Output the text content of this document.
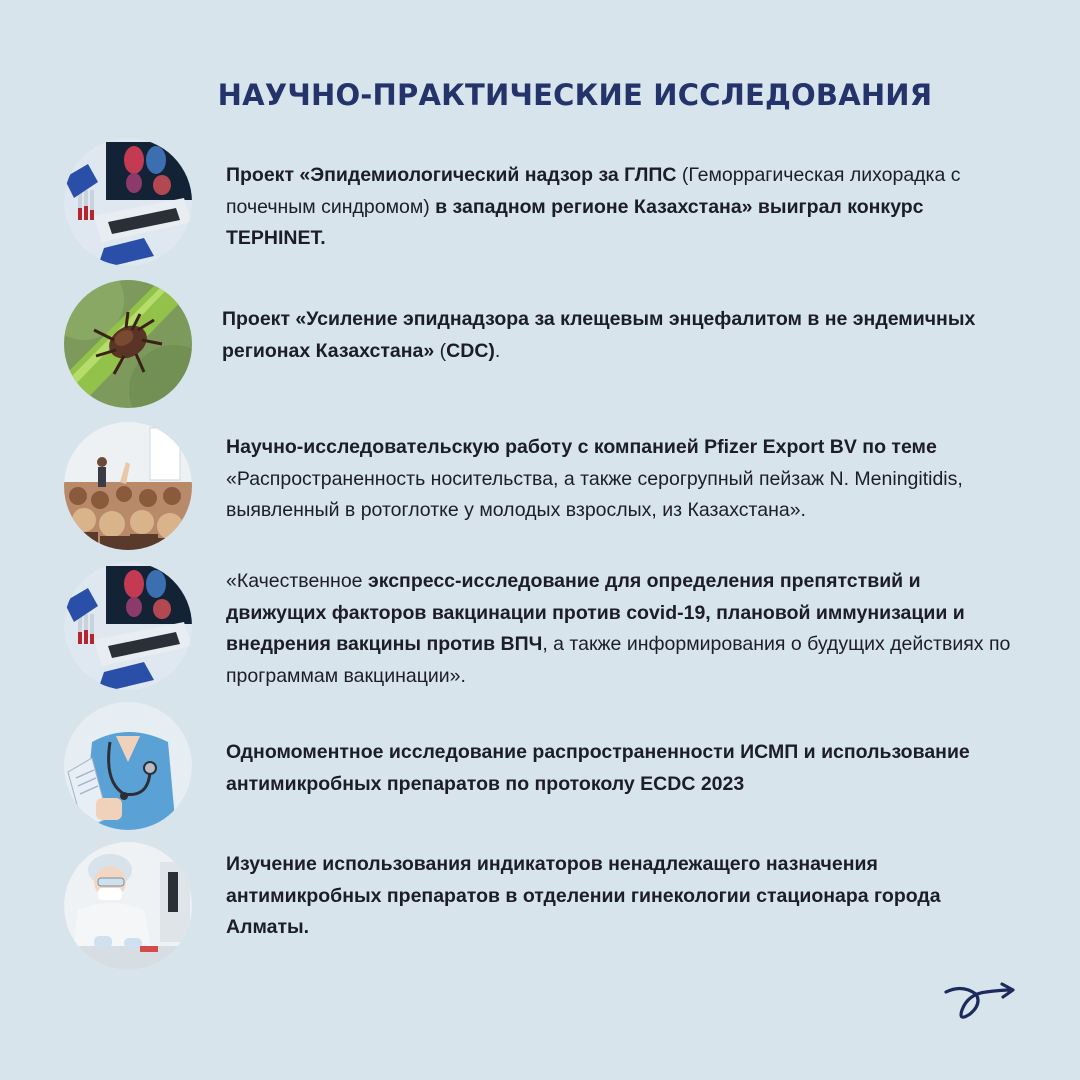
НАУЧНО-ПРАКТИЧЕСКИЕ ИССЛЕДОВАНИЯ
Проект «Эпидемиологический надзор за ГЛПС (Геморрагическая лихорадка с почечным синдромом) в западном регионе Казахстана» выиграл конкурс TEPHINET.
Проект «Усиление эпиднадзора за клещевым энцефалитом в не эндемичных регионах Казахстана» (CDC).
Научно-исследовательскую работу с компанией Pfizer Export BV по теме «Распространенность носительства, а также серогрупный пейзаж N. Meningitidis, выявленный в ротоглотке у молодых взрослых, из Казахстана».
«Качественное экспресс-исследование для определения препятствий и движущих факторов вакцинации против covid-19, плановой иммунизации и внедрения вакцины против ВПЧ, а также информирования о будущих действиях по программам вакцинации».
Одномоментное исследование распространенности ИСМП и использование антимикробных препаратов по протоколу ECDC 2023
Изучение использования индикаторов ненадлежащего назначения антимикробных препаратов в отделении гинекологии стационара города Алматы.
